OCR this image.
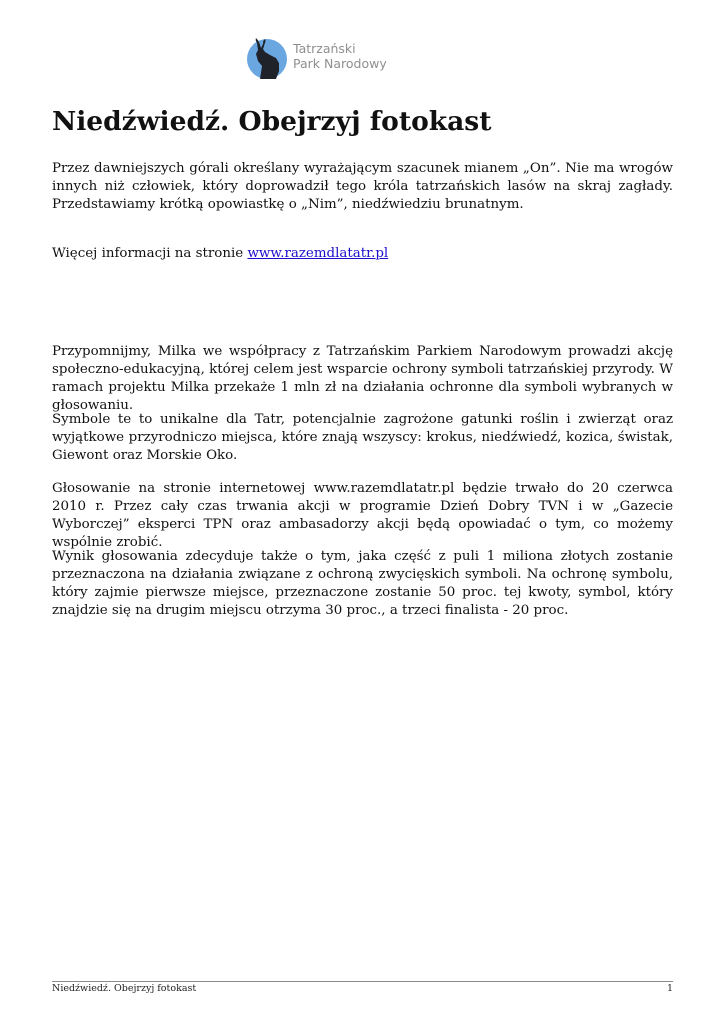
Tatrzański
Park Narodowy
Niedźwiedź. Obejrzyj fotokast

Przez dawniejszych górali określany wyrażającym szacunek mianem „On”. Nie ma wrogów innych niż człowiek, który doprowadził tego króla tatrzańskich lasów na skraj zagłady. Przedstawiamy krótką opowiastkę o „Nim”, niedźwiedziu brunatnym.

Więcej informacji na stronie www.razemdlatatr.pl

Przypomnijmy, Milka we współpracy z Tatrzańskim Parkiem Narodowym prowadzi akcję społeczno-edukacyjną, której celem jest wsparcie ochrony symboli tatrzańskiej przyrody. W ramach projektu Milka przekaże 1 mln zł na działania ochronne dla symboli wybranych w głosowaniu.

Symbole te to unikalne dla Tatr, potencjalnie zagrożone gatunki roślin i zwierząt oraz wyjątkowe przyrodniczo miejsca, które znają wszyscy: krokus, niedźwiedź, kozica, świstak, Giewont oraz Morskie Oko.

Głosowanie na stronie internetowej www.razemdlatatr.pl będzie trwało do 20 czerwca 2010 r. Przez cały czas trwania akcji w programie Dzień Dobry TVN i w „Gazecie Wyborczej” eksperci TPN oraz ambasadorzy akcji będą opowiadać o tym, co możemy wspólnie zrobić.

Wynik głosowania zdecyduje także o tym, jaka część z puli 1 miliona złotych zostanie przeznaczona na działania związane z ochroną zwycięskich symboli. Na ochronę symbolu, który zajmie pierwsze miejsce, przeznaczone zostanie 50 proc. tej kwoty, symbol, który znajdzie się na drugim miejscu otrzyma 30 proc., a trzeci finalista - 20 proc.

Niedźwiedź. Obejrzyj fotokast	1
